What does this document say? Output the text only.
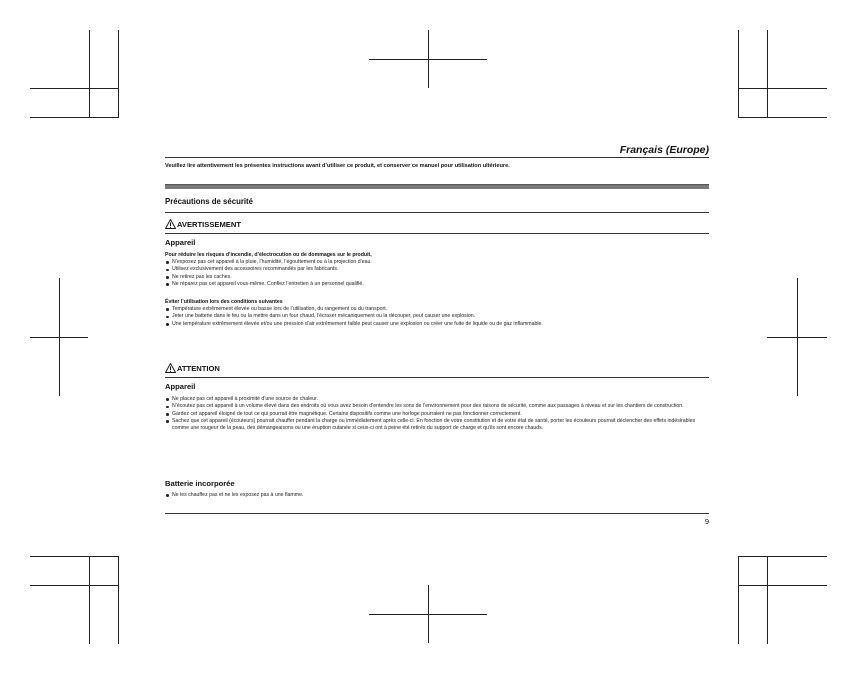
Français (Europe)
Veuillez lire attentivement les présentes instructions avant d’utiliser ce produit, et conserver ce manuel pour utilisation ultérieure.
Précautions de sécurité
AVERTISSEMENT
Appareil
Pour réduire les risques d’incendie, d’électrocution ou de dommages sur le produit,
N’exposez pas cet appareil à la pluie, l’humidité, l’égouttement ou à la projection d’eau.
Utilisez exclusivement des accessoires recommandés par les fabricants.
Ne retirez pas les caches.
Ne réparez pas cet appareil vous-même. Confiez l’entretien à un personnel qualifié.
Éviter l’utilisation lors des conditions suivantes
Température extrêmement élevée ou basse lors de l’utilisation, du rangement ou du transport.
Jeter une batterie dans le feu ou la mettre dans un four chaud, l’écraser mécaniquement ou la découper, peut causer une explosion.
Une température extrêmement élevée et/ou une pression d’air extrêmement faible peut causer une explosion ou créer une fuite de liquide ou de gaz inflammable.
ATTENTION
Appareil
Ne placez pas cet appareil à proximité d’une source de chaleur.
N’écoutez pas cet appareil à un volume élevé dans des endroits où vous avez besoin d’entendre les sons de l’environnement pour des raisons de sécurité, comme aux passages à niveau et sur les chantiers de construction.
Gardez cet appareil éloigné de tout ce qui pourrait être magnétique. Certains dispositifs comme une horloge pourraient ne pas fonctionner correctement.
Sachez que cet appareil (écouteurs) pourrait chauffer pendant la charge ou immédiatement après celle-ci. En fonction de votre constitution et de votre état de santé, porter les écouteurs pourrait déclencher des effets indésirables comme une rougeur de la peau, des démangeaisons ou une éruption cutanée si ceux-ci ont à peine été retirés du support de charge et qu’ils sont encore chauds.
Batterie incorporée
Ne les chauffez pas et ne les exposez pas à une flamme.
9
